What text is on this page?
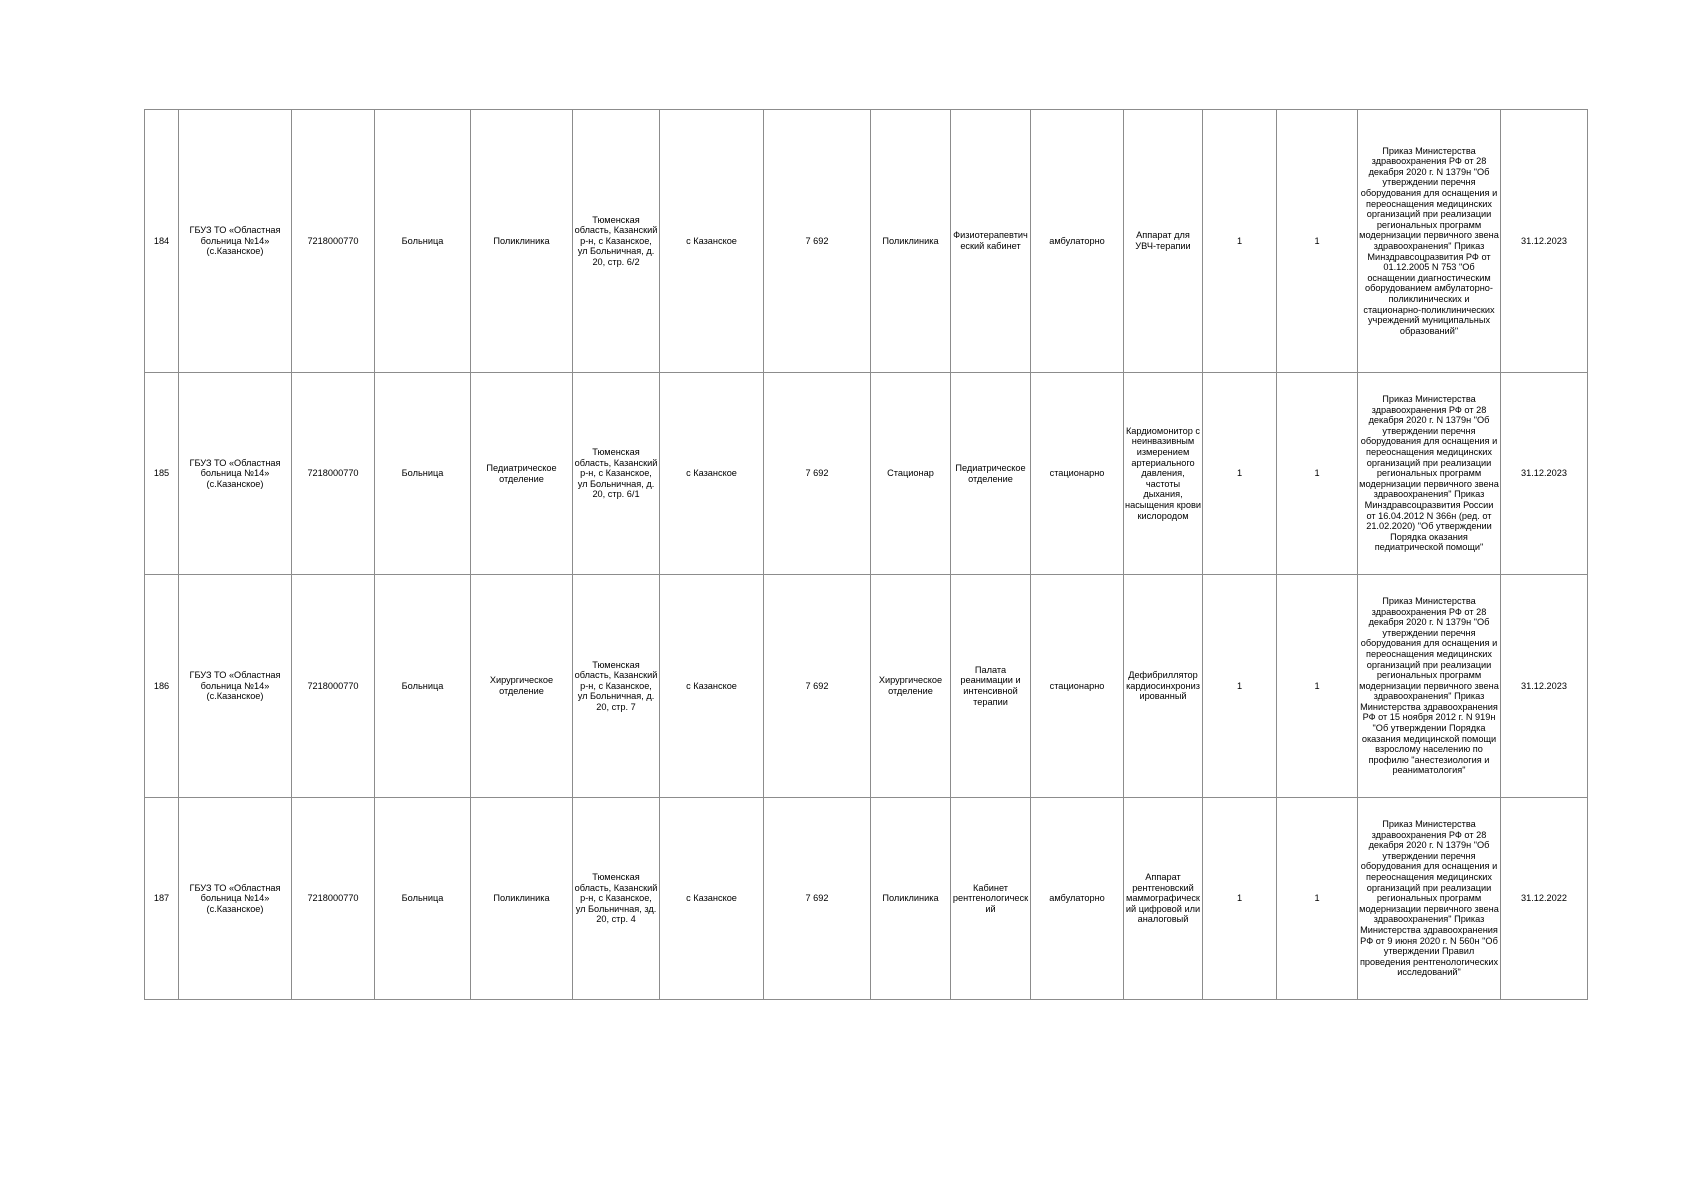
184	ГБУЗ ТО «Областная больница №14» (с.Казанское)	7218000770	Больница	Поликлиника	Тюменская область, Казанский р-н, с Казанское, ул Больничная, д. 20, стр. 6/2	с Казанское	7 692	Поликлиника	Физиотерапевтический кабинет	амбулаторно	Аппарат для УВЧ-терапии	1	1	Приказ Министерства здравоохранения РФ от 28 декабря 2020 г. N 1379н "Об утверждении перечня оборудования для оснащения и переоснащения медицинских организаций при реализации региональных программ модернизации первичного звена здравоохранения" Приказ Минздравсоцразвития РФ от 01.12.2005 N 753 "Об оснащении диагностическим оборудованием амбулаторно-поликлинических и стационарно-поликлинических учреждений муниципальных образований"	31.12.2023
185	ГБУЗ ТО «Областная больница №14» (с.Казанское)	7218000770	Больница	Педиатрическое отделение	Тюменская область, Казанский р-н, с Казанское, ул Больничная, д. 20, стр. 6/1	с Казанское	7 692	Стационар	Педиатрическое отделение	стационарно	Кардиомонитор с неинвазивным измерением артериального давления, частоты дыхания, насыщения крови кислородом	1	1	Приказ Министерства здравоохранения РФ от 28 декабря 2020 г. N 1379н "Об утверждении перечня оборудования для оснащения и переоснащения медицинских организаций при реализации региональных программ модернизации первичного звена здравоохранения" Приказ Минздравсоцразвития России от 16.04.2012 N 366н (ред. от 21.02.2020) "Об утверждении Порядка оказания педиатрической помощи"	31.12.2023
186	ГБУЗ ТО «Областная больница №14» (с.Казанское)	7218000770	Больница	Хирургическое отделение	Тюменская область, Казанский р-н, с Казанское, ул Больничная, д. 20, стр. 7	с Казанское	7 692	Хирургическое отделение	Палата реанимации и интенсивной терапии	стационарно	Дефибриллятор кардиосинхронизированный	1	1	Приказ Министерства здравоохранения РФ от 28 декабря 2020 г. N 1379н "Об утверждении перечня оборудования для оснащения и переоснащения медицинских организаций при реализации региональных программ модернизации первичного звена здравоохранения" Приказ Министерства здравоохранения РФ от 15 ноября 2012 г. N 919н "Об утверждении Порядка оказания медицинской помощи взрослому населению по профилю "анестезиология и реаниматология"	31.12.2023
187	ГБУЗ ТО «Областная больница №14» (с.Казанское)	7218000770	Больница	Поликлиника	Тюменская область, Казанский р-н, с Казанское, ул Больничная, зд. 20, стр. 4	с Казанское	7 692	Поликлиника	Кабинет рентгенологический	амбулаторно	Аппарат рентгеновский маммографический цифровой или аналоговый	1	1	Приказ Министерства здравоохранения РФ от 28 декабря 2020 г. N 1379н "Об утверждении перечня оборудования для оснащения и переоснащения медицинских организаций при реализации региональных программ модернизации первичного звена здравоохранения" Приказ Министерства здравоохранения РФ от 9 июня 2020 г. N 560н "Об утверждении Правил проведения рентгенологических исследований"	31.12.2022
